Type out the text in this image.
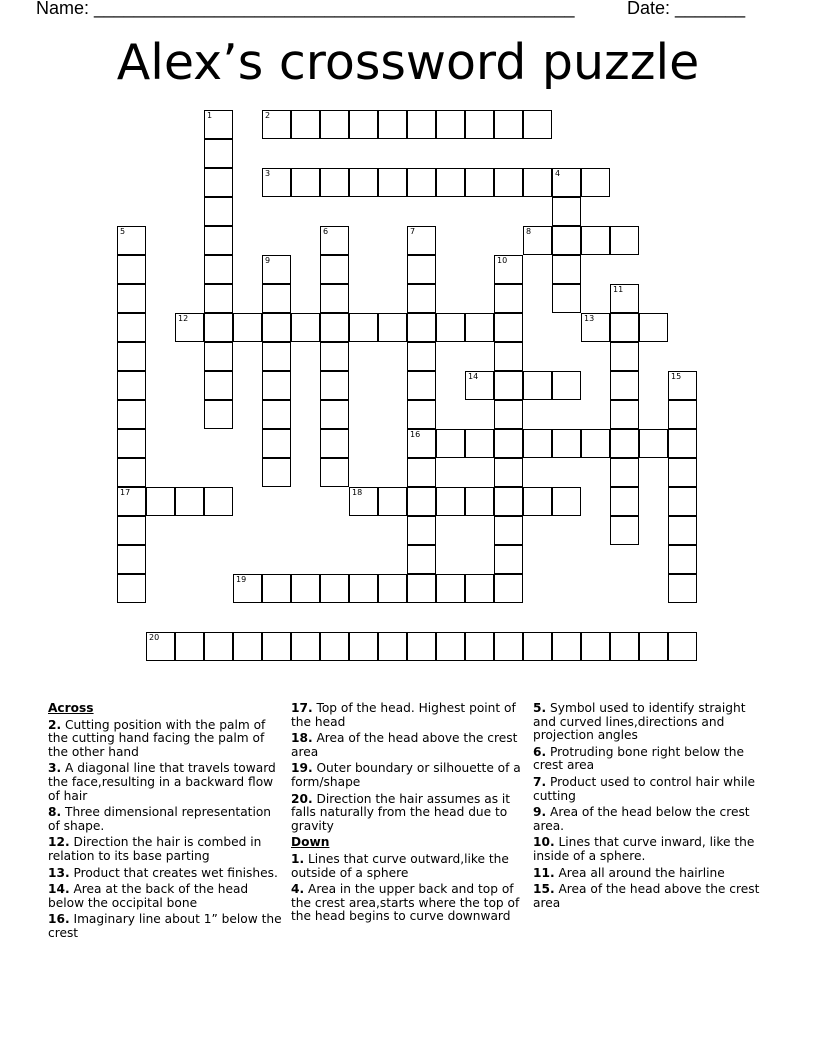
Name: ________________________________________________	Date: _______
Alex’s crossword puzzle
1	2
3	4
5
17
6	7
16
8
9	10
11
12	13
14	15
18
19
20
Across
2. Cutting position with the palm of the cutting hand facing the palm of the other hand
3. A diagonal line that travels toward the face,resulting in a backward flow of hair
8. Three dimensional representation of shape.
12. Direction the hair is combed in relation to its base parting
13. Product that creates wet finishes.
14. Area at the back of the head below the occipital bone
16. Imaginary line about 1” below the crest
17. Top of the head. Highest point of the head
18. Area of the head above the crest area
19. Outer boundary or silhouette of a form/shape
20. Direction the hair assumes as it falls naturally from the head due to gravity
Down
1. Lines that curve outward,like the outside of a sphere
4. Area in the upper back and top of the crest area,starts where the top of the head begins to curve downward
5. Symbol used to identify straight and curved lines,directions and projection angles
6. Protruding bone right below the crest area
7. Product used to control hair while cutting
9. Area of the head below the crest area.
10. Lines that curve inward, like the inside of a sphere.
11. Area all around the hairline
15. Area of the head above the crest area
